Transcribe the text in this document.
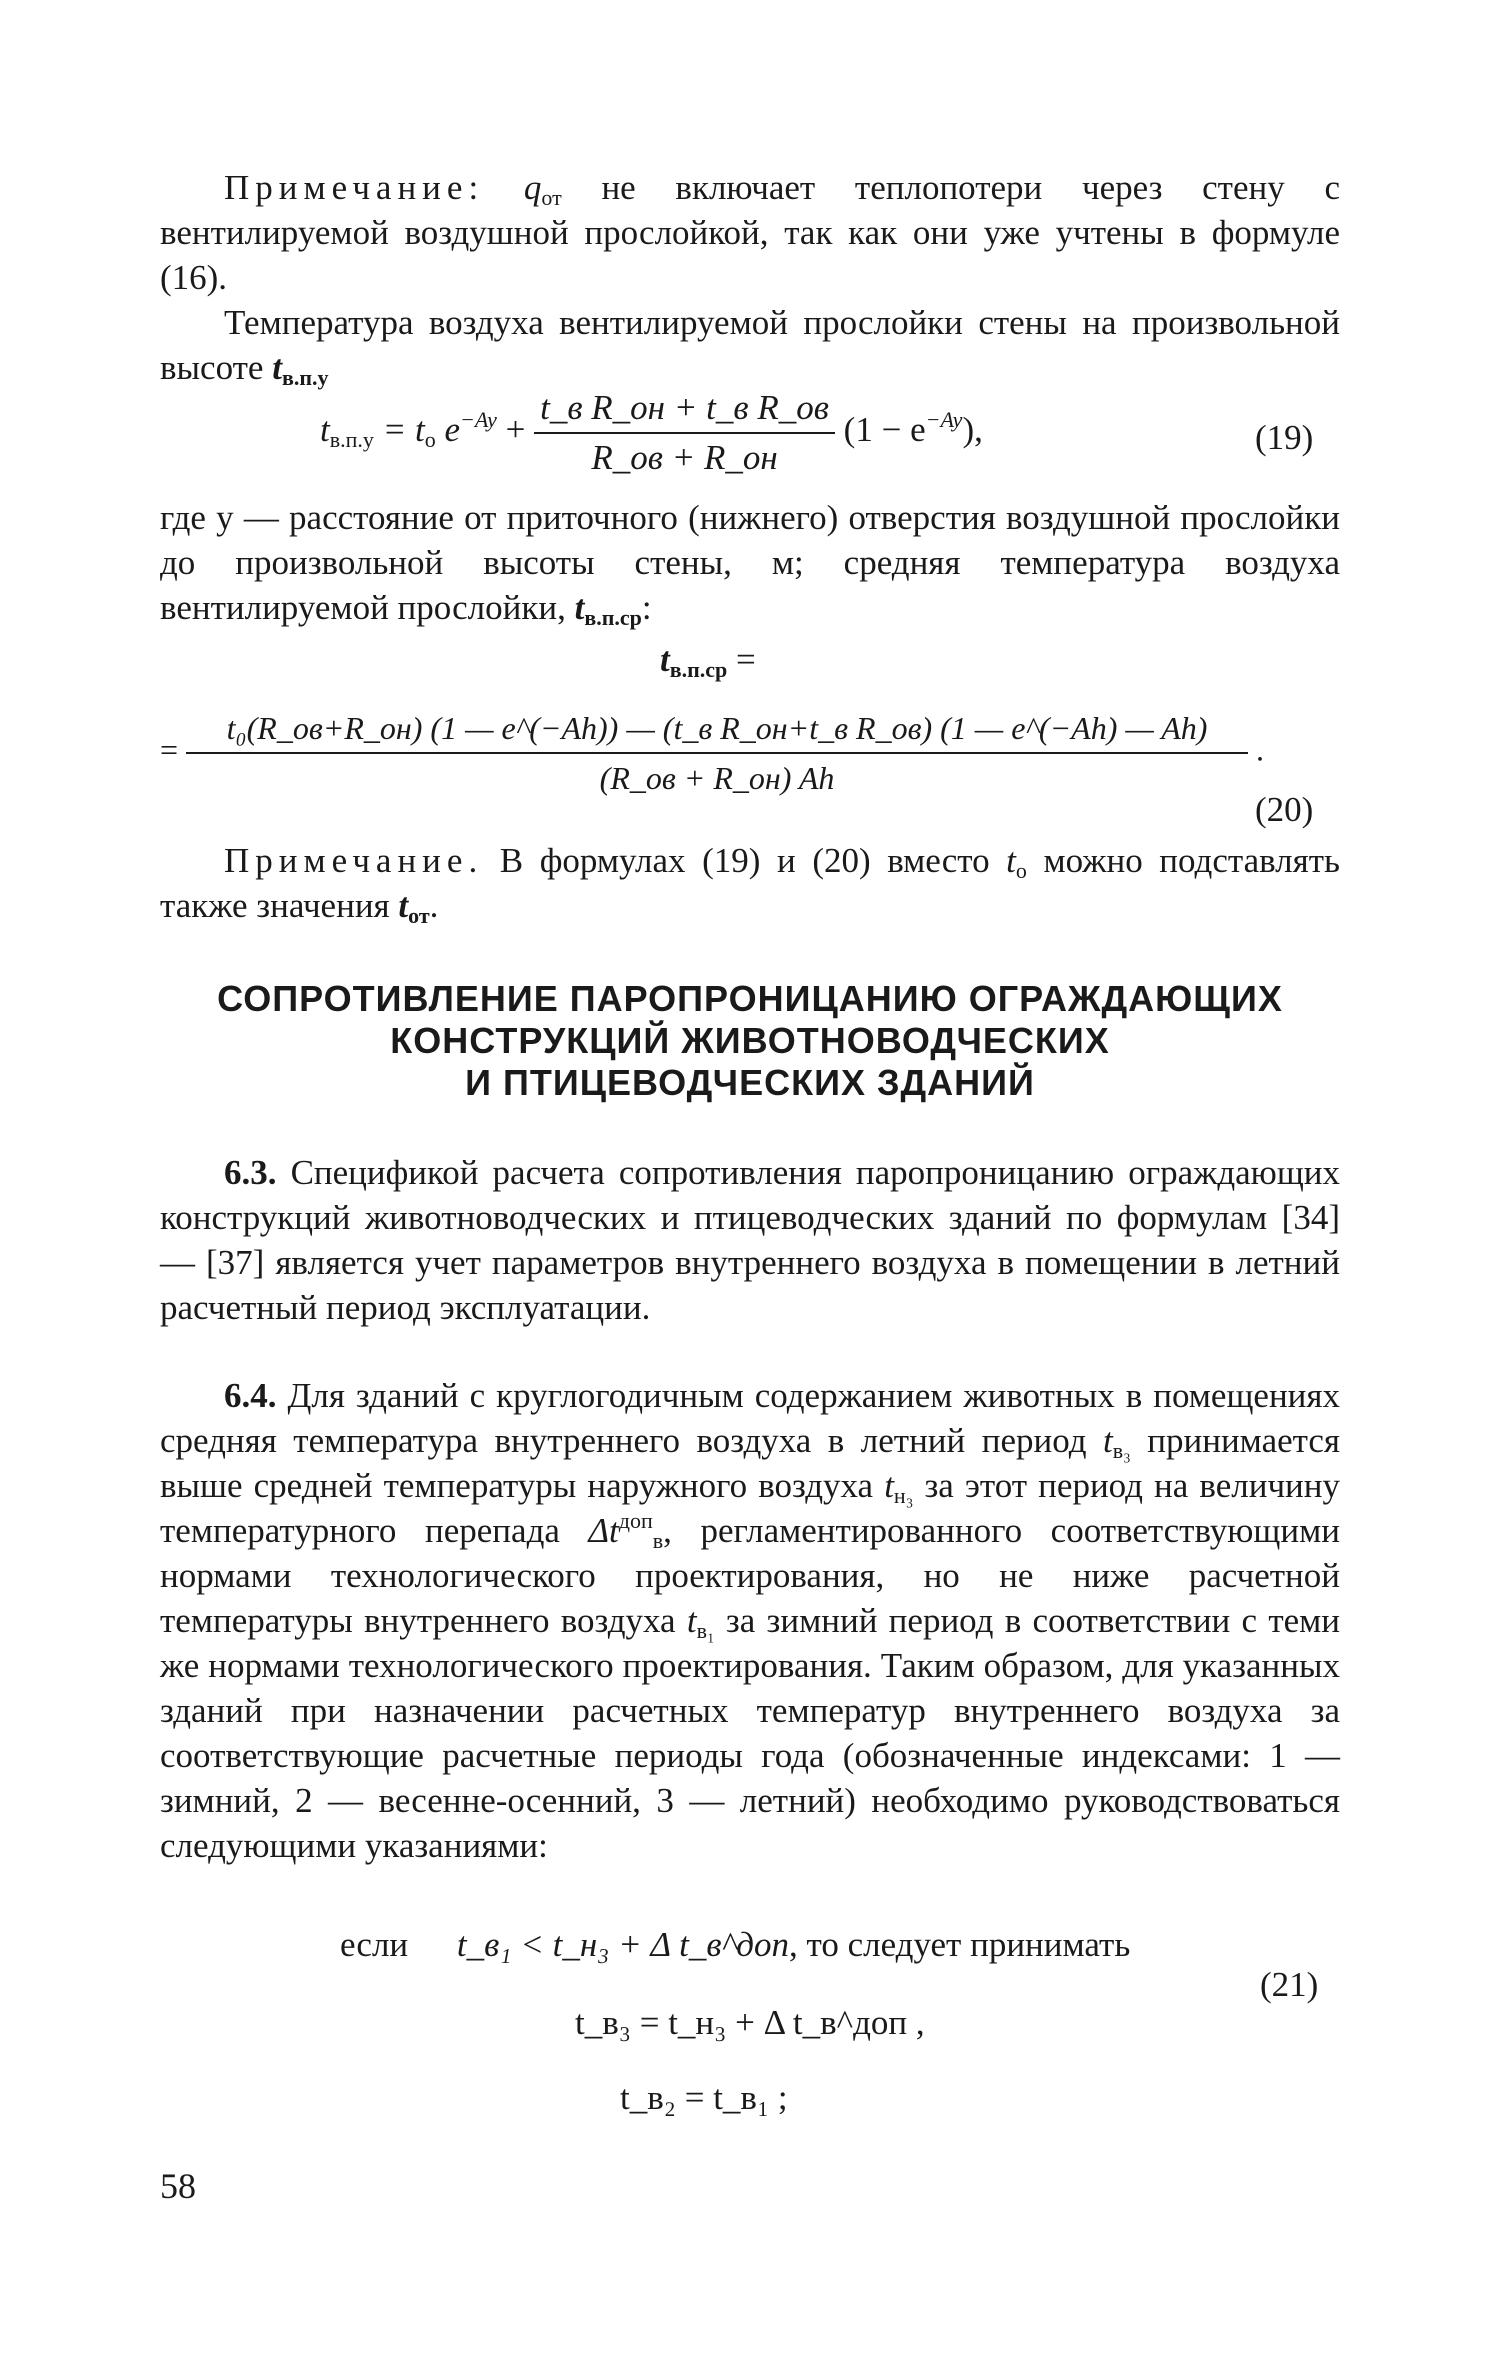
Примечание: $q_{от}$ не включает теплопотери через стену с вентилируемой воздушной прослойкой, так как они уже учтены в формуле (16).
Температура воздуха вентилируемой прослойки стены на произвольной высоте $t_{в.п.у}$
$t_{в.п.у} = t_о$ $e^{-Ay} + \frac{\text{t\_в R\_он + t\_в R\_ов}}{R\_ов + R\_он} (1 - e^{-Ay})$,	(19)
где y — расстояние от приточного (нижнего) отверстия воздушной прослойки до произвольной высоты стены, м; средняя температура воздуха вентилируемой прослойки, $t_{в.п.ср}$:
$t_{в.п.ср}$ =
=
t₀(R_ов+R_он) (1 — e^(−Ah)) — (t_в R_он+t_в R_ов) (1 — e^(−Ah) — Ah)
(R_ов + R_он) Ah
.
(20)
Примечание. В формулах (19) и (20) вместо $t_о$ можно подставлять также значения $t_{от}$.
СОПРОТИВЛЕНИЕ ПАРОПРОНИЦАНИЮ ОГРАЖДАЮЩИХ
КОНСТРУКЦИЙ ЖИВОТНОВОДЧЕСКИХ
И ПТИЦЕВОДЧЕСКИХ ЗДАНИЙ
6.3. Спецификой расчета сопротивления паропроницанию ограждающих конструкций животноводческих и птицеводческих зданий по формулам [34] — [37] является учет параметров внутреннего воздуха в помещении в летний расчетный период эксплуатации.
6.4. Для зданий с круглогодичным содержанием животных в помещениях средняя температура внутреннего воздуха в летний период $t_{в_3}$ принимается выше средней температуры наружного воздуха $t_{н_3}$ за этот период на величину температурного перепада $\Delta t^{доп}_в$, регламентированного соответствующими нормами технологического проектирования, но не ниже расчетной температуры внутреннего воздуха $t_{в_1}$ за зимний период в соответствии с теми же нормами технологического проектирования. Таким образом, для указанных зданий при назначении расчетных температур внутреннего воздуха за соответствующие расчетные периоды года (обозначенные индексами: 1 — зимний, 2 — весенне-осенний, 3 — летний) необходимо руководствоваться следующими указаниями:
если t_в₁ < t_н₃ + Δ t_в^доп, то следует принимать
t_в₃ = t_н₃ + Δ t_в^доп ,
t_в₂ = t_в₁ ;
(21)
58
